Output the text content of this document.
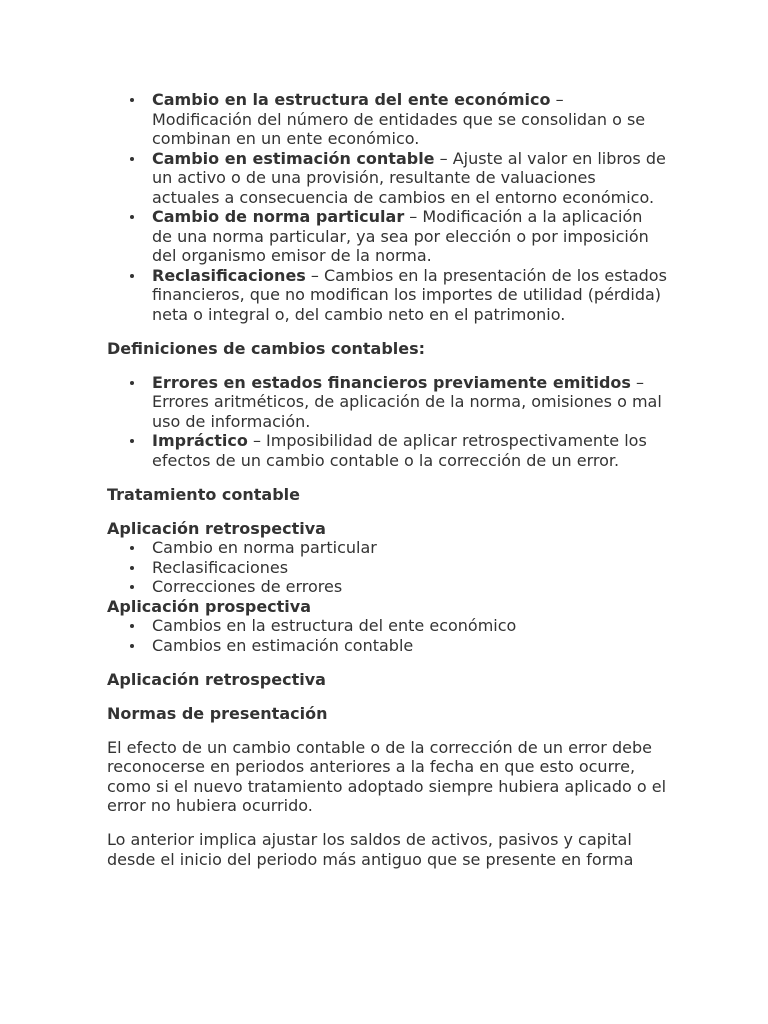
Cambio en la estructura del ente económico – Modificación del número de entidades que se consolidan o se combinan en un ente económico.
Cambio en estimación contable – Ajuste al valor en libros de un activo o de una provisión, resultante de valuaciones actuales a consecuencia de cambios en el entorno económico.
Cambio de norma particular – Modificación a la aplicación de una norma particular, ya sea por elección o por imposición del organismo emisor de la norma.
Reclasificaciones – Cambios en la presentación de los estados financieros, que no modifican los importes de utilidad (pérdida) neta o integral o, del cambio neto en el patrimonio.
Definiciones de cambios contables:
Errores en estados financieros previamente emitidos – Errores aritméticos, de aplicación de la norma, omisiones o mal uso de información.
Impráctico – Imposibilidad de aplicar retrospectivamente los efectos de un cambio contable o la corrección de un error.
Tratamiento contable
Aplicación retrospectiva
Cambio en norma particular
Reclasificaciones
Correcciones de errores
Aplicación prospectiva
Cambios en la estructura del ente económico
Cambios en estimación contable
Aplicación retrospectiva
Normas de presentación

El efecto de un cambio contable o de la corrección de un error debe reconocerse en periodos anteriores a la fecha en que esto ocurre, como si el nuevo tratamiento adoptado siempre hubiera aplicado o el error no hubiera ocurrido.

Lo anterior implica ajustar los saldos de activos, pasivos y capital desde el inicio del periodo más antiguo que se presente en forma
